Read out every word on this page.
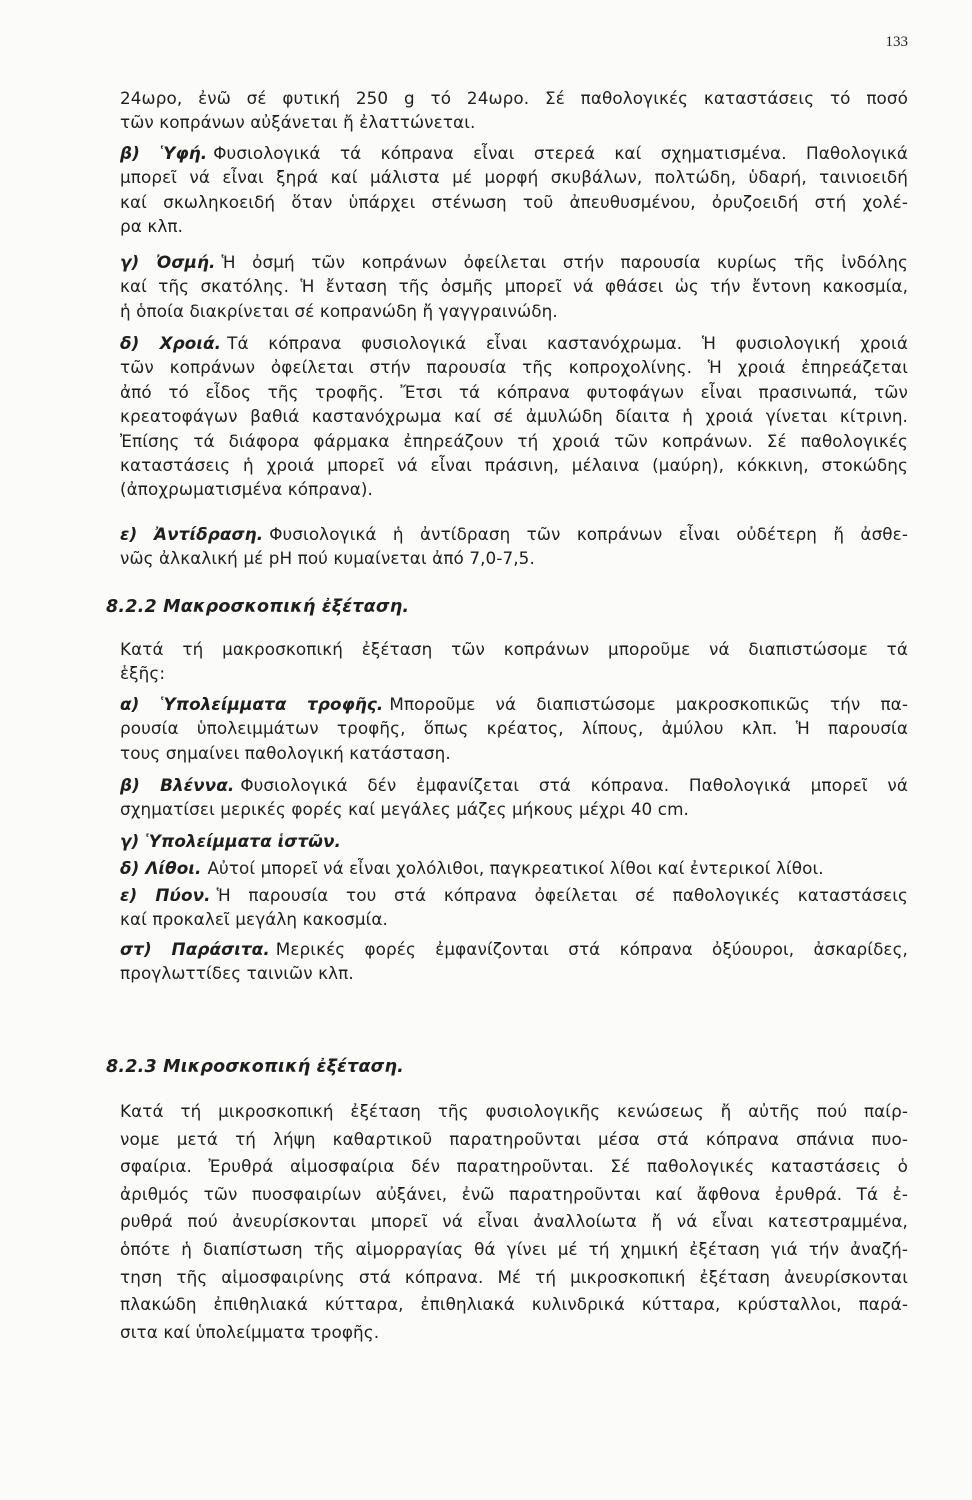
133
24ωρο, ἐνῶ σέ φυτική 250 g τό 24ωρο. Σέ παθολογικές καταστάσεις τό ποσό
τῶν κοπράνων αὐξάνεται ἤ ἐλαττώνεται.
β) Ὑφή. Φυσιολογικά τά κόπρανα εἶναι στερεά καί σχηματισμένα. Παθολογικά
μπορεῖ νά εἶναι ξηρά καί μάλιστα μέ μορφή σκυβάλων, πολτώδη, ὑδαρή, ταινιοειδή
καί σκωληκοειδή ὅταν ὑπάρχει στένωση τοῦ ἀπευθυσμένου, ὀρυζοειδή στή χολέ-
ρα κλπ.
γ) Ὀσμή. Ἡ ὀσμή τῶν κοπράνων ὀφείλεται στήν παρουσία κυρίως τῆς ἰνδόλης
καί τῆς σκατόλης. Ἡ ἔνταση τῆς ὀσμῆς μπορεῖ νά φθάσει ὡς τήν ἔντονη κακοσμία,
ἡ ὁποία διακρίνεται σέ κοπρανώδη ἤ γαγγραινώδη.
δ) Χροιά. Τά κόπρανα φυσιολογικά εἶναι καστανόχρωμα. Ἡ φυσιολογική χροιά
τῶν κοπράνων ὀφείλεται στήν παρουσία τῆς κοπροχολίνης. Ἡ χροιά ἐπηρεάζεται
ἀπό τό εἶδος τῆς τροφῆς. Ἔτσι τά κόπρανα φυτοφάγων εἶναι πρασινωπά, τῶν
κρεατοφάγων βαθιά καστανόχρωμα καί σέ ἀμυλώδη δίαιτα ἡ χροιά γίνεται κίτρινη.
Ἐπίσης τά διάφορα φάρμακα ἐπηρεάζουν τή χροιά τῶν κοπράνων. Σέ παθολογικές
καταστάσεις ἡ χροιά μπορεῖ νά εἶναι πράσινη, μέλαινα (μαύρη), κόκκινη, στοκώδης
(ἀποχρωματισμένα κόπρανα).
ε) Ἀντίδραση. Φυσιολογικά ἡ ἀντίδραση τῶν κοπράνων εἶναι οὐδέτερη ἤ ἀσθε-
νῶς ἀλκαλική μέ pH πού κυμαίνεται ἀπό 7,0-7,5.
8.2.2 Μακροσκοπική ἐξέταση.
Κατά τή μακροσκοπική ἐξέταση τῶν κοπράνων μποροῦμε νά διαπιστώσομε τά
ἑξῆς:
α) Ὑπολείμματα τροφῆς. Μποροῦμε νά διαπιστώσομε μακροσκοπικῶς τήν πα-
ρουσία ὑπολειμμάτων τροφῆς, ὅπως κρέατος, λίπους, ἀμύλου κλπ. Ἡ παρουσία
τους σημαίνει παθολογική κατάσταση.
β) Βλέννα. Φυσιολογικά δέν ἐμφανίζεται στά κόπρανα. Παθολογικά μπορεῖ νά
σχηματίσει μερικές φορές καί μεγάλες μάζες μήκους μέχρι 40 cm.
γ) Ὑπολείμματα ἱστῶν.
δ) Λίθοι. Αὐτοί μπορεῖ νά εἶναι χολόλιθοι, παγκρεατικοί λίθοι καί ἐντερικοί λίθοι.
ε) Πύον. Ἡ παρουσία του στά κόπρανα ὀφείλεται σέ παθολογικές καταστάσεις
καί προκαλεῖ μεγάλη κακοσμία.
στ) Παράσιτα. Μερικές φορές ἐμφανίζονται στά κόπρανα ὀξύουροι, ἀσκαρίδες,
προγλωττίδες ταινιῶν κλπ.
8.2.3 Μικροσκοπική ἐξέταση.
Κατά τή μικροσκοπική ἐξέταση τῆς φυσιολογικῆς κενώσεως ἤ αὐτῆς πού παίρ-
νομε μετά τή λήψη καθαρτικοῦ παρατηροῦνται μέσα στά κόπρανα σπάνια πυο-
σφαίρια. Ἐρυθρά αἱμοσφαίρια δέν παρατηροῦνται. Σέ παθολογικές καταστάσεις ὁ
ἀριθμός τῶν πυοσφαιρίων αὐξάνει, ἐνῶ παρατηροῦνται καί ἄφθονα ἐρυθρά. Τά ἐ-
ρυθρά πού ἀνευρίσκονται μπορεῖ νά εἶναι ἀναλλοίωτα ἤ νά εἶναι κατεστραμμένα,
ὁπότε ἡ διαπίστωση τῆς αἱμορραγίας θά γίνει μέ τή χημική ἐξέταση γιά τήν ἀναζή-
τηση τῆς αἱμοσφαιρίνης στά κόπρανα. Μέ τή μικροσκοπική ἐξέταση ἀνευρίσκονται
πλακώδη ἐπιθηλιακά κύτταρα, ἐπιθηλιακά κυλινδρικά κύτταρα, κρύσταλλοι, παρά-
σιτα καί ὑπολείμματα τροφῆς.
